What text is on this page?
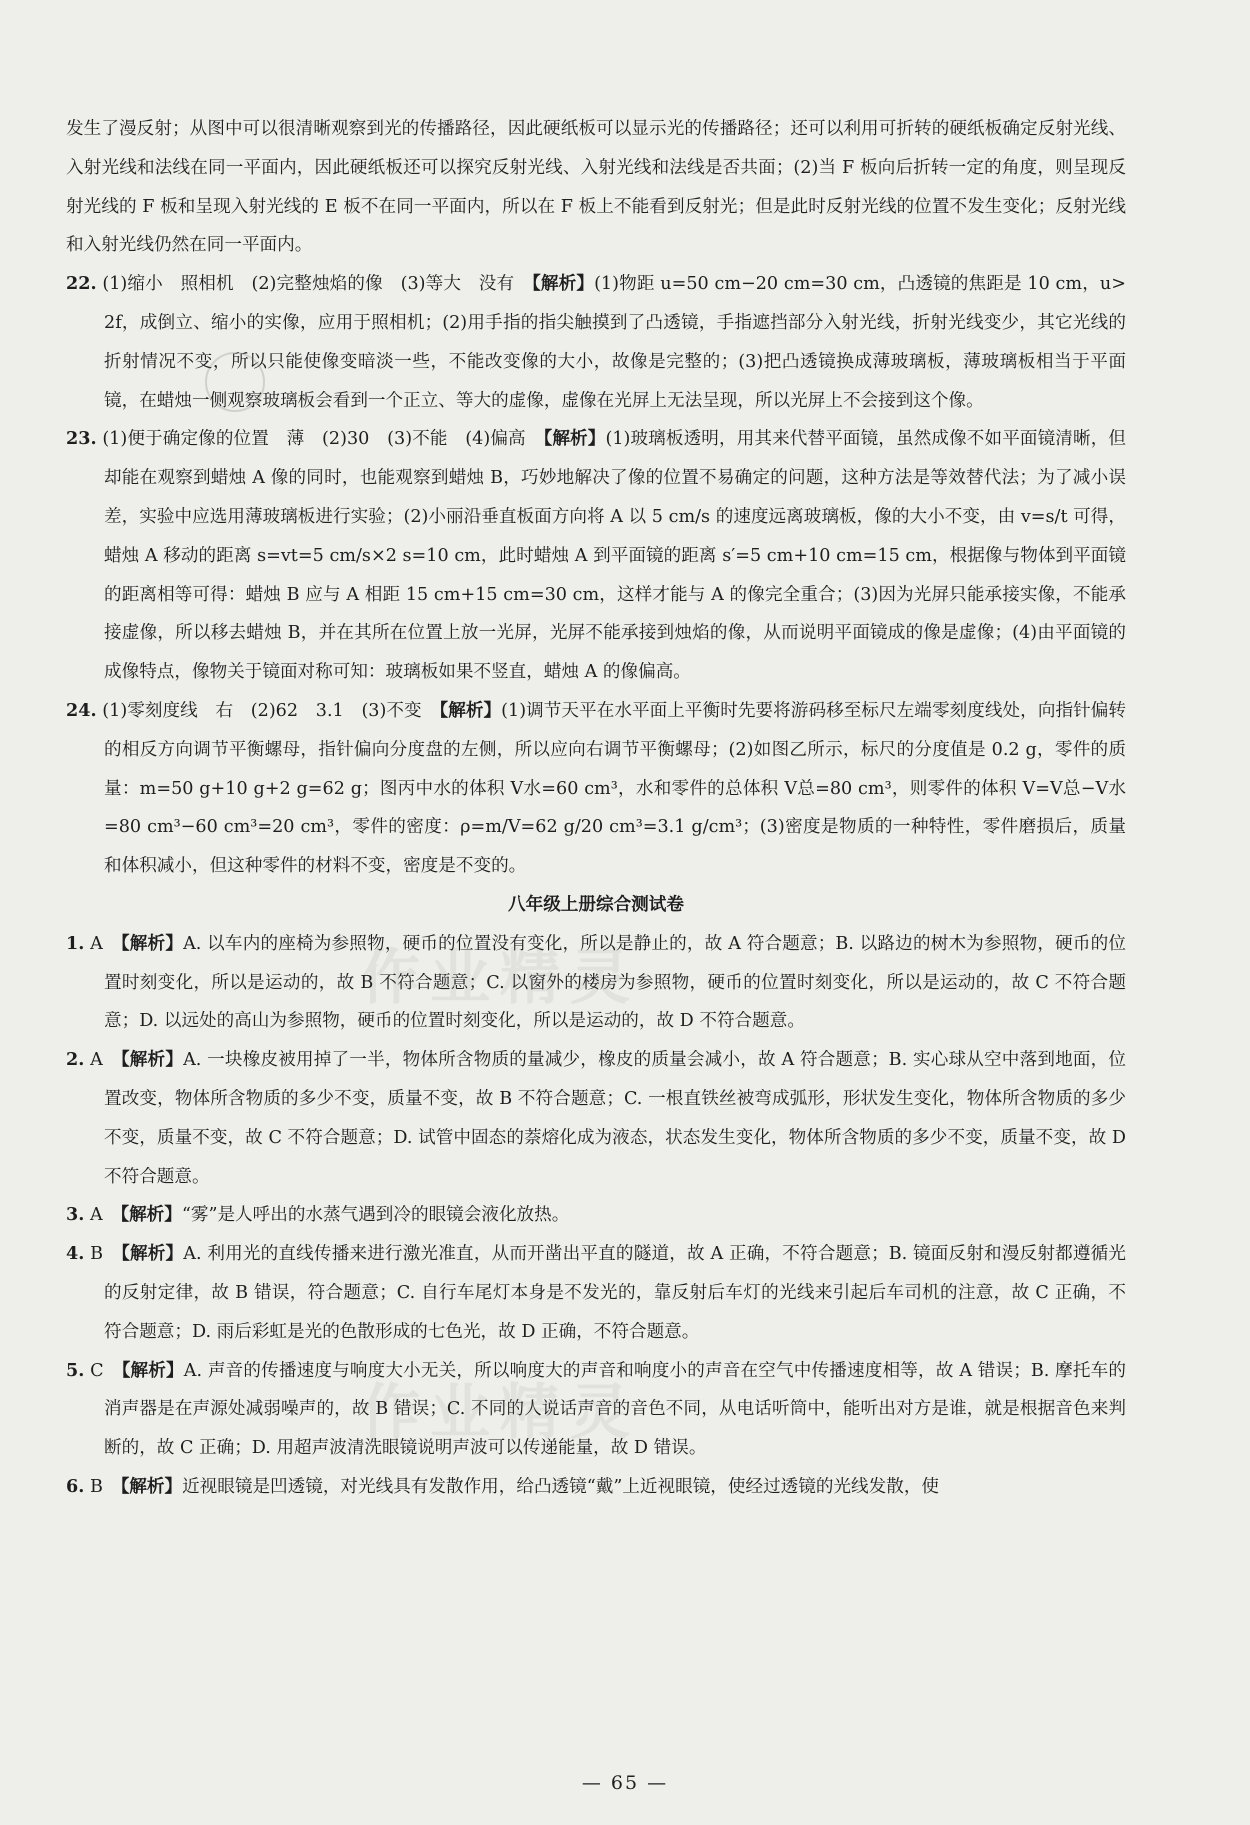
发生了漫反射；从图中可以很清晰观察到光的传播路径，因此硬纸板可以显示光的传播路径；还可以利用可折转的硬纸板确定反射光线、入射光线和法线在同一平面内，因此硬纸板还可以探究反射光线、入射光线和法线是否共面；(2)当 F 板向后折转一定的角度，则呈现反射光线的 F 板和呈现入射光线的 E 板不在同一平面内，所以在 F 板上不能看到反射光；但是此时反射光线的位置不发生变化；反射光线和入射光线仍然在同一平面内。
22. (1)缩小　照相机　(2)完整烛焰的像　(3)等大　没有　【解析】(1)物距 u=50 cm−20 cm=30 cm，凸透镜的焦距是 10 cm，u>2f，成倒立、缩小的实像，应用于照相机；(2)用手指的指尖触摸到了凸透镜，手指遮挡部分入射光线，折射光线变少，其它光线的折射情况不变，所以只能使像变暗淡一些，不能改变像的大小，故像是完整的；(3)把凸透镜换成薄玻璃板，薄玻璃板相当于平面镜，在蜡烛一侧观察玻璃板会看到一个正立、等大的虚像，虚像在光屏上无法呈现，所以光屏上不会接到这个像。
23. (1)便于确定像的位置　薄　(2)30　(3)不能　(4)偏高　【解析】(1)玻璃板透明，用其来代替平面镜，虽然成像不如平面镜清晰，但却能在观察到蜡烛 A 像的同时，也能观察到蜡烛 B，巧妙地解决了像的位置不易确定的问题，这种方法是等效替代法；为了减小误差，实验中应选用薄玻璃板进行实验；(2)小丽沿垂直板面方向将 A 以 5 cm/s 的速度远离玻璃板，像的大小不变，由 v=s/t 可得，蜡烛 A 移动的距离 s=vt=5 cm/s×2 s=10 cm，此时蜡烛 A 到平面镜的距离 s′=5 cm+10 cm=15 cm，根据像与物体到平面镜的距离相等可得：蜡烛 B 应与 A 相距 15 cm+15 cm=30 cm，这样才能与 A 的像完全重合；(3)因为光屏只能承接实像，不能承接虚像，所以移去蜡烛 B，并在其所在位置上放一光屏，光屏不能承接到烛焰的像，从而说明平面镜成的像是虚像；(4)由平面镜的成像特点，像物关于镜面对称可知：玻璃板如果不竖直，蜡烛 A 的像偏高。
24. (1)零刻度线　右　(2)62　3.1　(3)不变　【解析】(1)调节天平在水平面上平衡时先要将游码移至标尺左端零刻度线处，向指针偏转的相反方向调节平衡螺母，指针偏向分度盘的左侧，所以应向右调节平衡螺母；(2)如图乙所示，标尺的分度值是 0.2 g，零件的质量：m=50 g+10 g+2 g=62 g；图丙中水的体积 V水=60 cm³，水和零件的总体积 V总=80 cm³，则零件的体积 V=V总−V水=80 cm³−60 cm³=20 cm³，零件的密度：ρ=m/V=62 g/20 cm³=3.1 g/cm³；(3)密度是物质的一种特性，零件磨损后，质量和体积减小，但这种零件的材料不变，密度是不变的。
八年级上册综合测试卷
1. A　【解析】A. 以车内的座椅为参照物，硬币的位置没有变化，所以是静止的，故 A 符合题意；B. 以路边的树木为参照物，硬币的位置时刻变化，所以是运动的，故 B 不符合题意；C. 以窗外的楼房为参照物，硬币的位置时刻变化，所以是运动的，故 C 不符合题意；D. 以远处的高山为参照物，硬币的位置时刻变化，所以是运动的，故 D 不符合题意。
2. A　【解析】A. 一块橡皮被用掉了一半，物体所含物质的量减少，橡皮的质量会减小，故 A 符合题意；B. 实心球从空中落到地面，位置改变，物体所含物质的多少不变，质量不变，故 B 不符合题意；C. 一根直铁丝被弯成弧形，形状发生变化，物体所含物质的多少不变，质量不变，故 C 不符合题意；D. 试管中固态的萘熔化成为液态，状态发生变化，物体所含物质的多少不变，质量不变，故 D 不符合题意。
3. A　【解析】“雾”是人呼出的水蒸气遇到冷的眼镜会液化放热。
4. B　【解析】A. 利用光的直线传播来进行激光准直，从而开凿出平直的隧道，故 A 正确，不符合题意；B. 镜面反射和漫反射都遵循光的反射定律，故 B 错误，符合题意；C. 自行车尾灯本身是不发光的，靠反射后车灯的光线来引起后车司机的注意，故 C 正确，不符合题意；D. 雨后彩虹是光的色散形成的七色光，故 D 正确，不符合题意。
5. C　【解析】A. 声音的传播速度与响度大小无关，所以响度大的声音和响度小的声音在空气中传播速度相等，故 A 错误；B. 摩托车的消声器是在声源处减弱噪声的，故 B 错误；C. 不同的人说话声音的音色不同，从电话听筒中，能听出对方是谁，就是根据音色来判断的，故 C 正确；D. 用超声波清洗眼镜说明声波可以传递能量，故 D 错误。
6. B　【解析】近视眼镜是凹透镜，对光线具有发散作用，给凸透镜“戴”上近视眼镜，使经过透镜的光线发散，使
作业精灵
作业精灵
— 65 —
